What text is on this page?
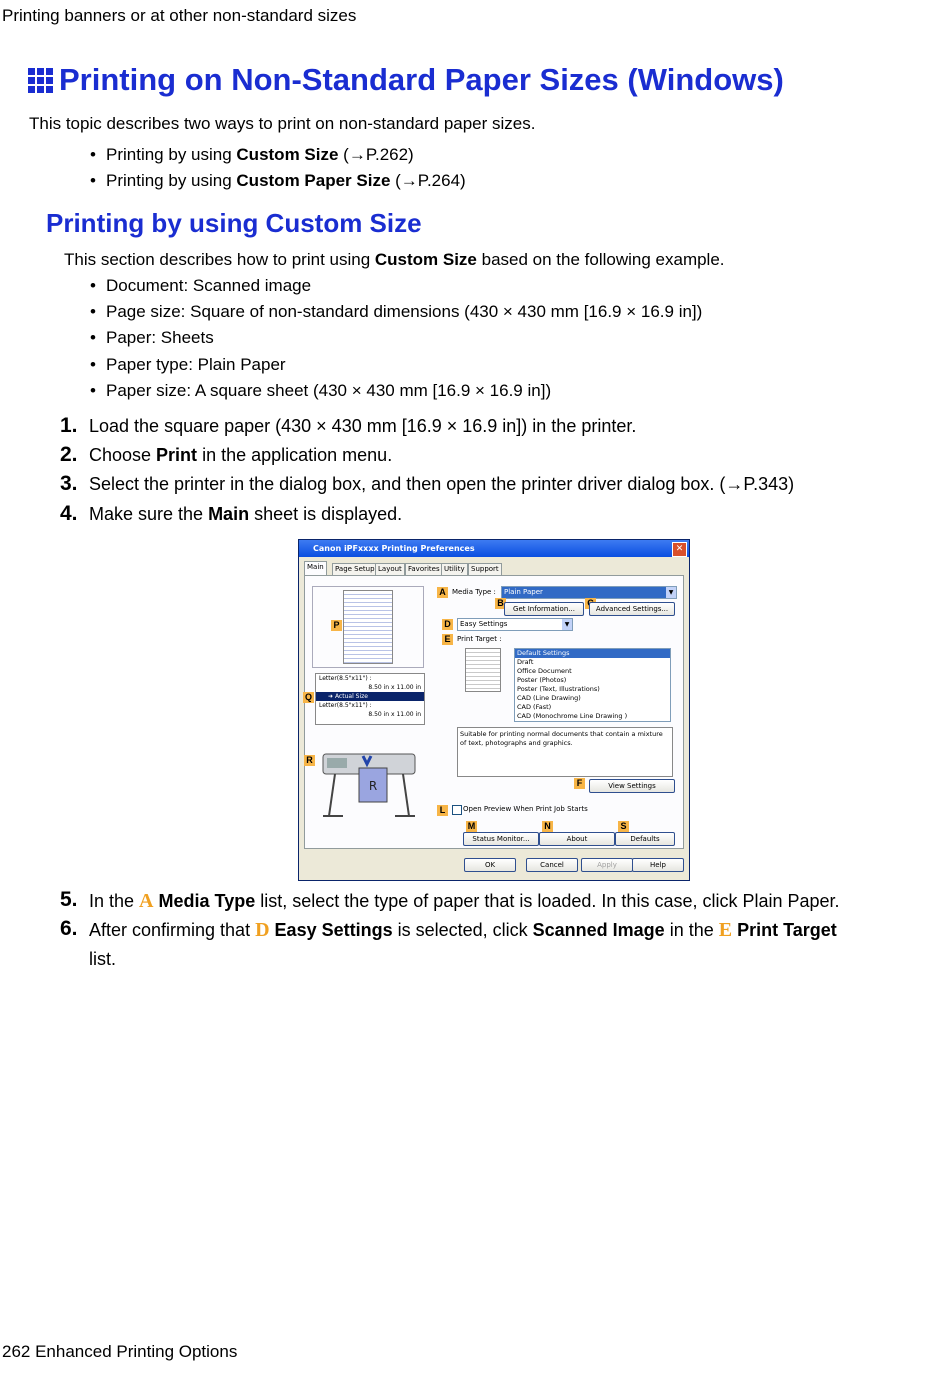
Printing banners or at other non-standard sizes
Printing on Non-Standard Paper Sizes (Windows)
This topic describes two ways to print on non-standard paper sizes.
• Printing by using Custom Size (→P.262)
• Printing by using Custom Paper Size (→P.264)
Printing by using Custom Size
This section describes how to print using Custom Size based on the following example.
• Document: Scanned image
• Page size: Square of non-standard dimensions (430 × 430 mm [16.9 × 16.9 in])
• Paper: Sheets
• Paper type: Plain Paper
• Paper size: A square sheet (430 × 430 mm [16.9 × 16.9 in])
1. Load the square paper (430 × 430 mm [16.9 × 16.9 in]) in the printer.
2. Choose Print in the application menu.
3. Select the printer in the dialog box, and then open the printer driver dialog box. (→P.343)
4. Make sure the Main sheet is displayed.
Canon iPFxxxx Printing Preferences	✕
Main	Page Setup Layout Favorites Utility Support
P
Letter(8.5"x11") :
8.50 in x 11.00 in
➜ Actual Size
Letter(8.5"x11") :
8.50 in x 11.00 in
Q
R
R
A Media Type :	Plain Paper	▼
B
Get Information...	Advanced Settings...
D	Easy Settings	▼
E Print Target :
Default Settings
Draft
Office Document
Poster (Photos)
Poster (Text, Illustrations)
CAD (Line Drawing)
CAD (Fast)
CAD (Monochrome Line Drawing )
Suitable for printing normal documents that contain a mixture of text, photographs and graphics.
F	View Settings
L	Open Preview When Print Job Starts
M	N	S
Status Monitor...	About	Defaults
OK	Cancel	Apply	Help
5. In the A Media Type list, select the type of paper that is loaded. In this case, click Plain Paper.
6. After confirming that D Easy Settings is selected, click Scanned Image in the E Print Target
list.
262 Enhanced Printing Options
